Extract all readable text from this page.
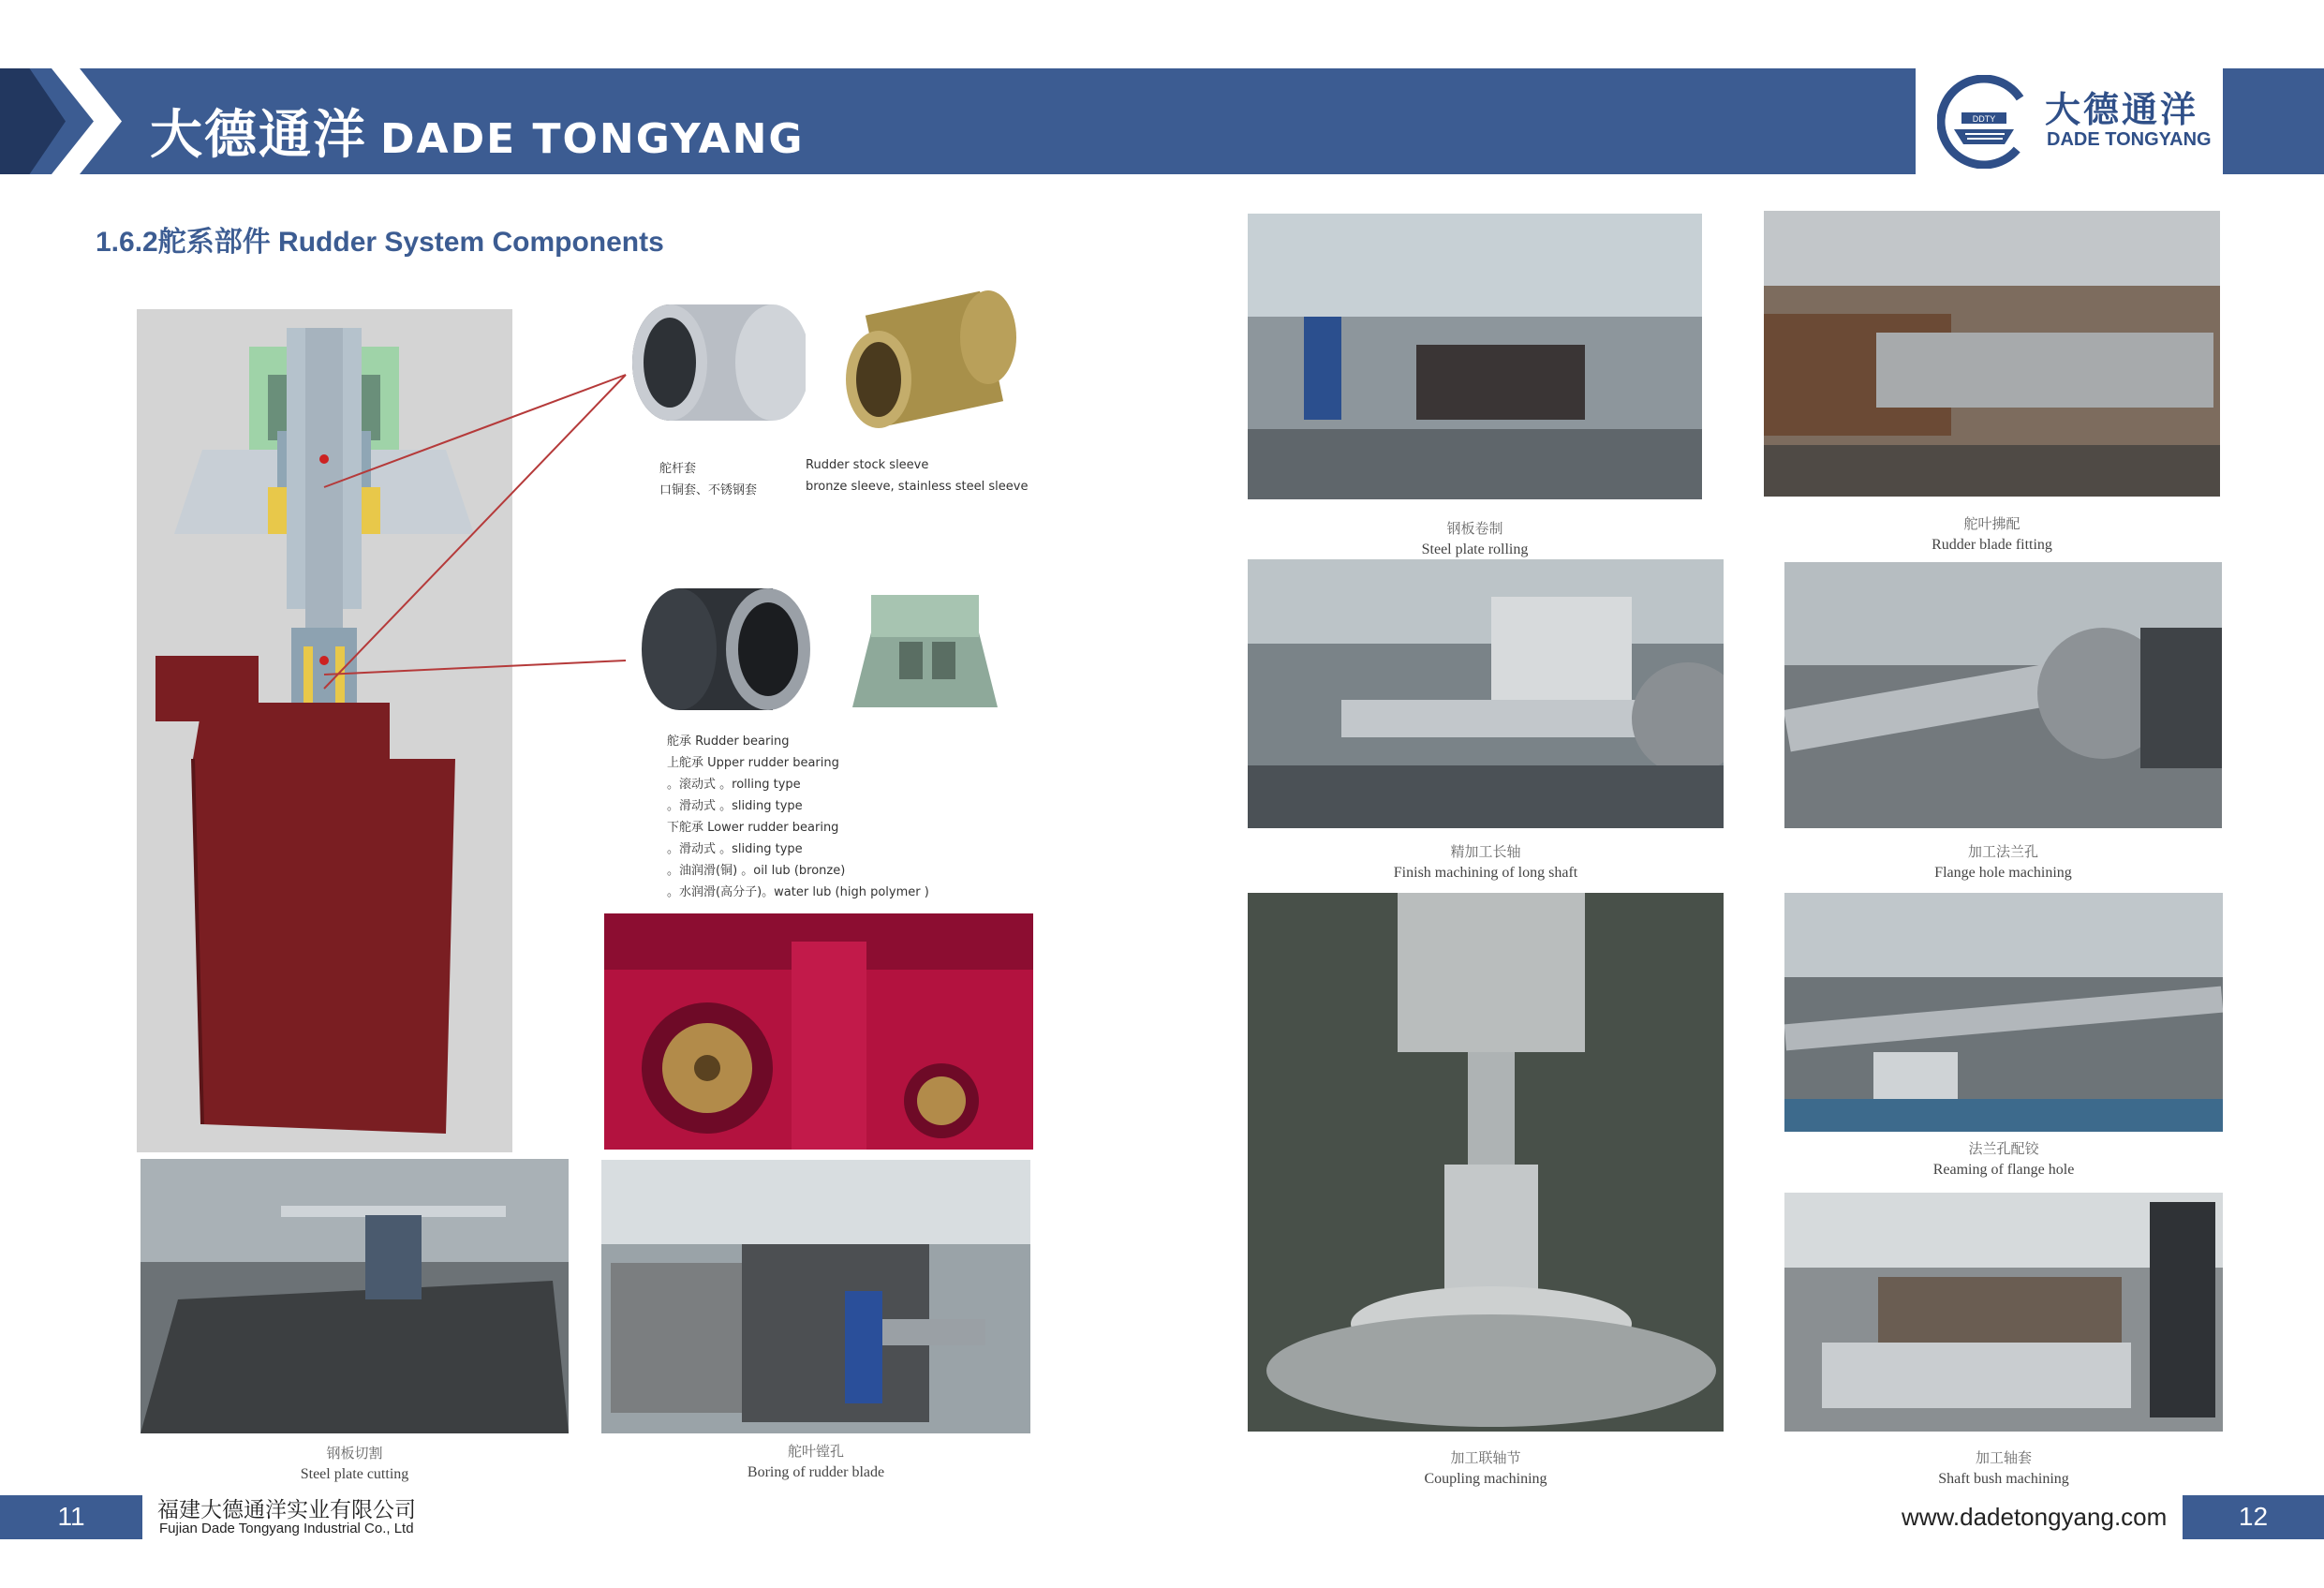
大德通洋 DADE TONGYANG	DDTY 大德通洋
DADE TONGYANG
1.6.2舵系部件 Rudder System Components
舵杆套
口铜套、不锈钢套
Rudder stock sleeve
bronze sleeve, stainless steel sleeve
舵承 Rudder bearing
上舵承 Upper rudder bearing
。滚动式 。rolling type
。滑动式 。sliding type
下舵承 Lower rudder bearing
。滑动式 。sliding type
。油润滑(铜) 。oil lub (bronze)
。水润滑(高分子)。water lub (high polymer )
钢板切割
Steel plate cutting
舵叶镗孔
Boring of rudder blade
钢板卷制
Steel plate rolling
舵叶拂配
Rudder blade fitting
精加工长轴
Finish machining of long shaft
加工法兰孔
Flange hole machining
加工联轴节
Coupling machining
法兰孔配铰
Reaming of flange hole
加工轴套
Shaft bush machining
11	福建大德通洋实业有限公司
Fujian Dade Tongyang Industrial Co., Ltd	www.dadetongyang.com	12
